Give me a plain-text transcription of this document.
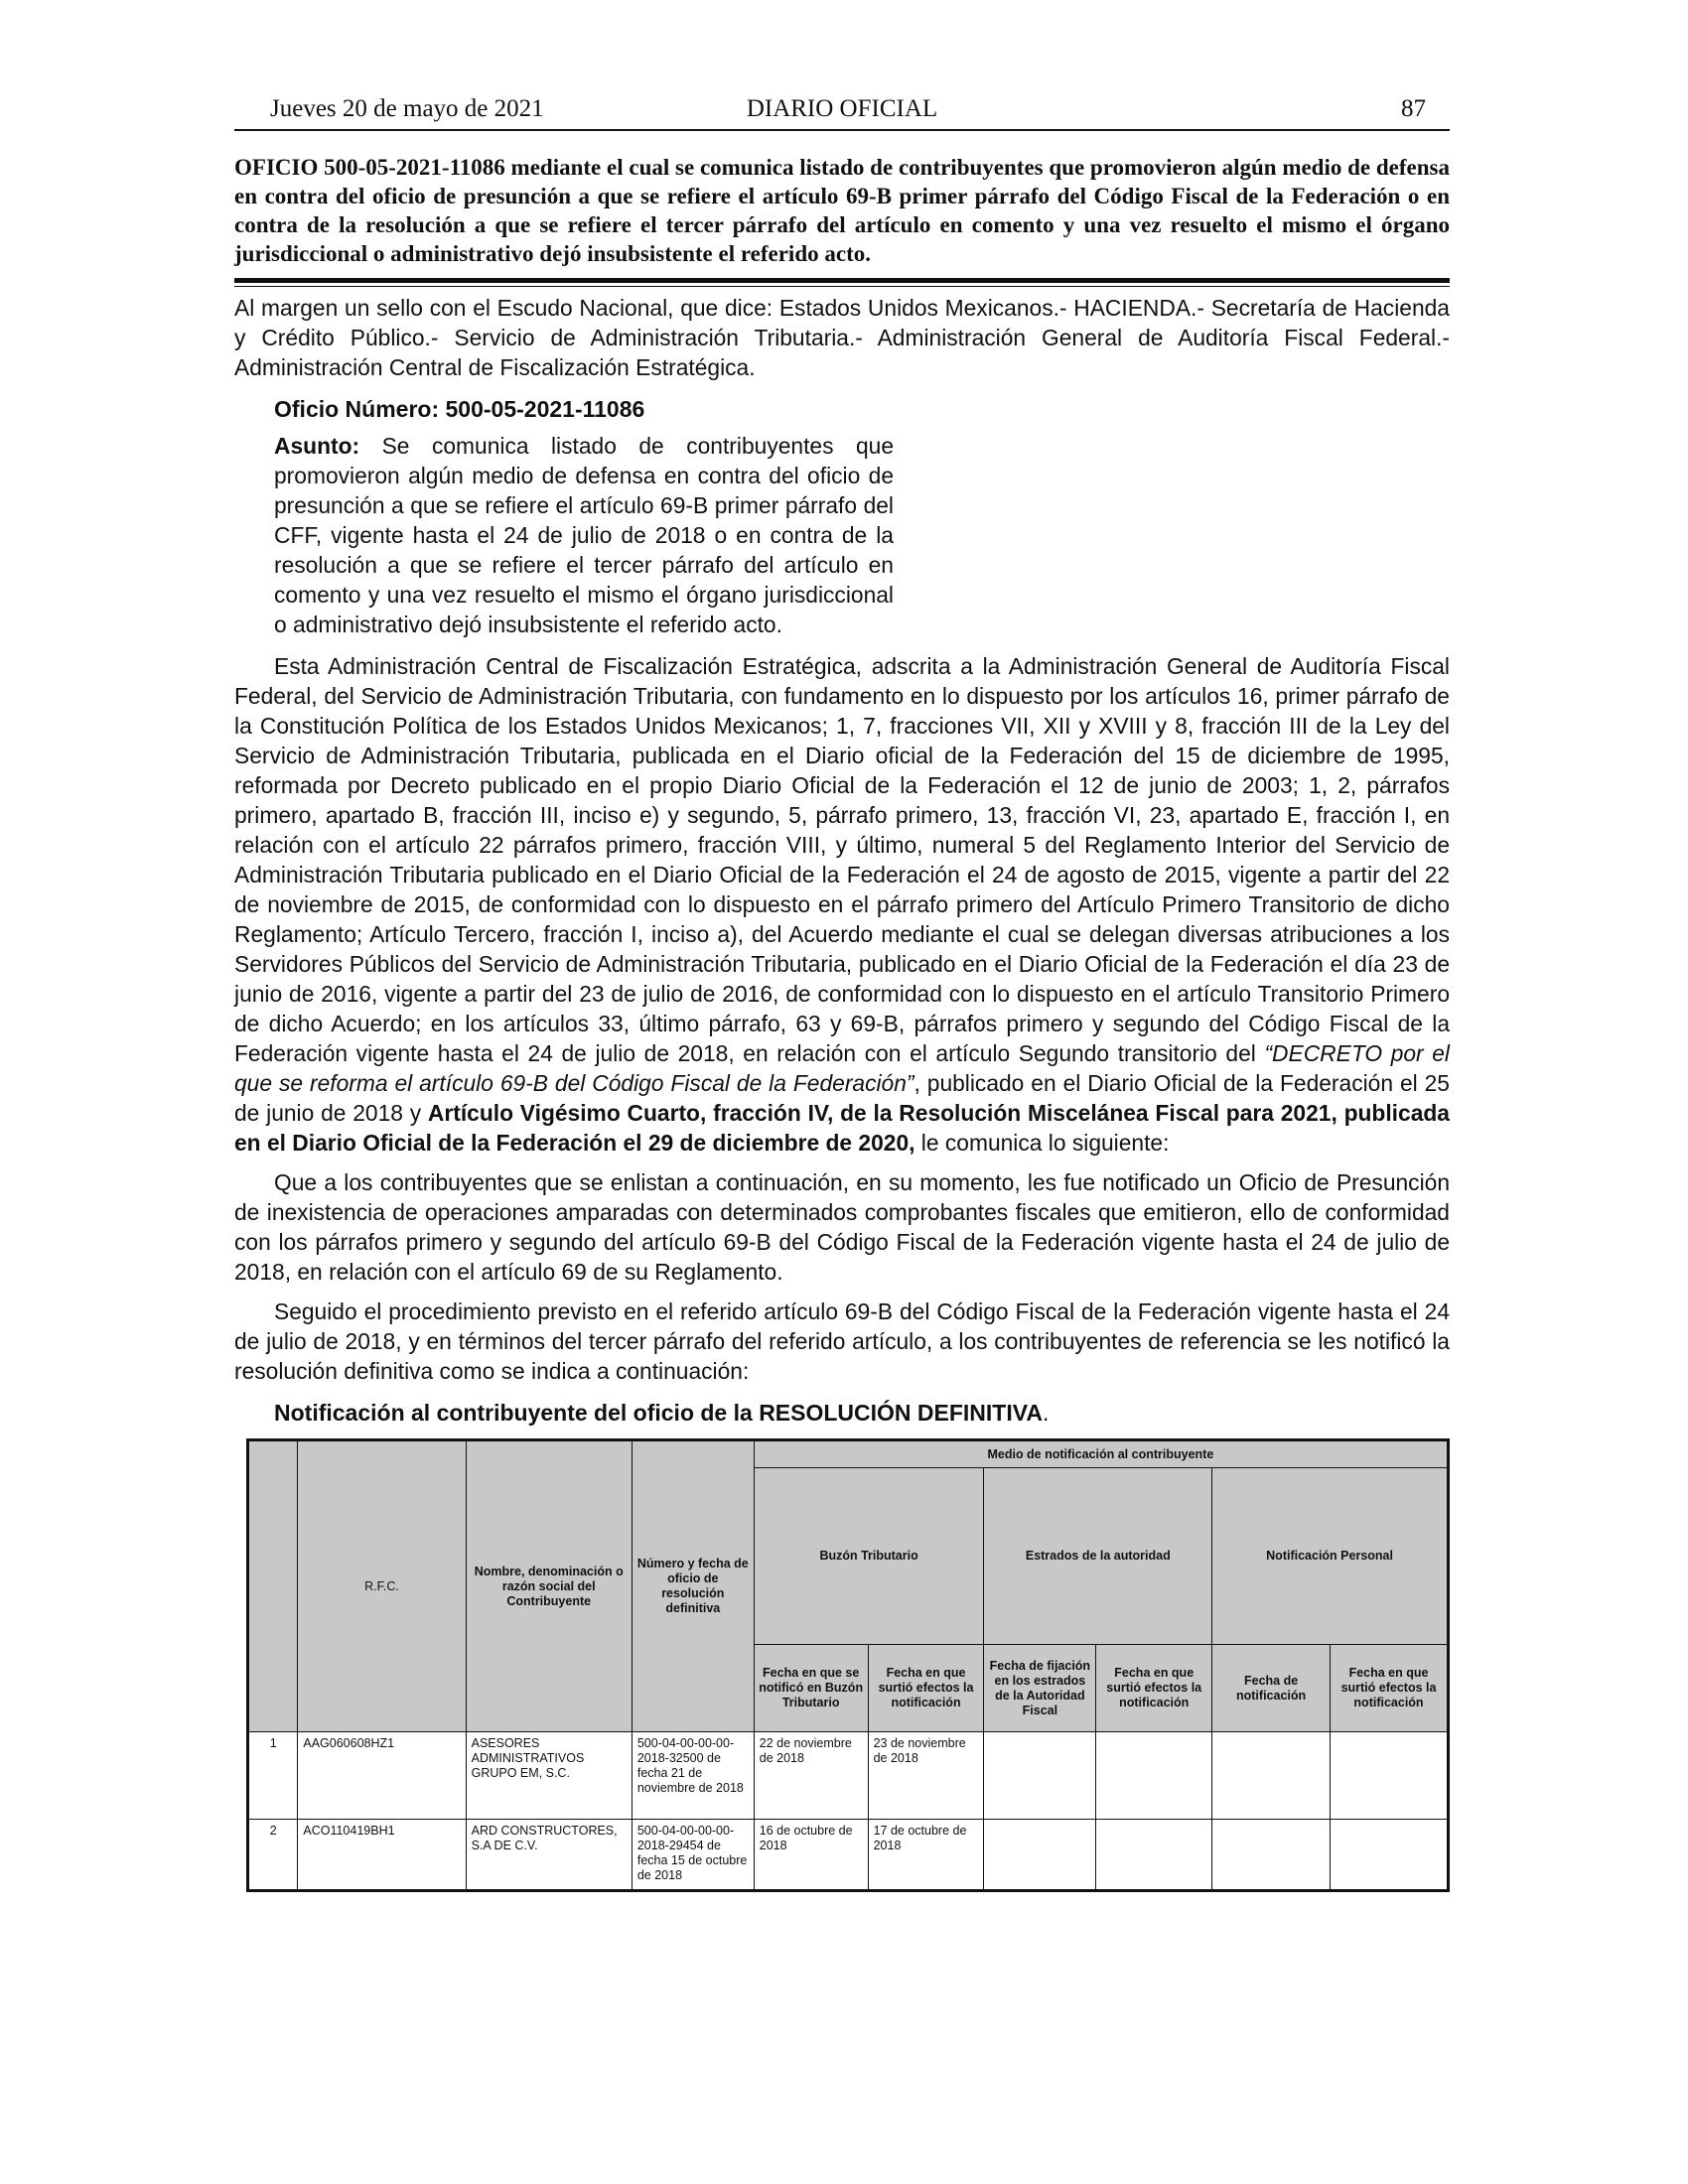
Jueves 20 de mayo de 2021	DIARIO OFICIAL	87
OFICIO 500-05-2021-11086 mediante el cual se comunica listado de contribuyentes que promovieron algún medio de defensa en contra del oficio de presunción a que se refiere el artículo 69-B primer párrafo del Código Fiscal de la Federación o en contra de la resolución a que se refiere el tercer párrafo del artículo en comento y una vez resuelto el mismo el órgano jurisdiccional o administrativo dejó insubsistente el referido acto.

Al margen un sello con el Escudo Nacional, que dice: Estados Unidos Mexicanos.- HACIENDA.- Secretaría de Hacienda y Crédito Público.- Servicio de Administración Tributaria.- Administración General de Auditoría Fiscal Federal.- Administración Central de Fiscalización Estratégica.

Oficio Número: 500-05-2021-11086
Asunto: Se comunica listado de contribuyentes que promovieron algún medio de defensa en contra del oficio de presunción a que se refiere el artículo 69-B primer párrafo del CFF, vigente hasta el 24 de julio de 2018 o en contra de la resolución a que se refiere el tercer párrafo del artículo en comento y una vez resuelto el mismo el órgano jurisdiccional o administrativo dejó insubsistente el referido acto.

Esta Administración Central de Fiscalización Estratégica, adscrita a la Administración General de Auditoría Fiscal Federal, del Servicio de Administración Tributaria, con fundamento en lo dispuesto por los artículos 16, primer párrafo de la Constitución Política de los Estados Unidos Mexicanos; 1, 7, fracciones VII, XII y XVIII y 8, fracción III de la Ley del Servicio de Administración Tributaria, publicada en el Diario oficial de la Federación del 15 de diciembre de 1995, reformada por Decreto publicado en el propio Diario Oficial de la Federación el 12 de junio de 2003; 1, 2, párrafos primero, apartado B, fracción III, inciso e) y segundo, 5, párrafo primero, 13, fracción VI, 23, apartado E, fracción I, en relación con el artículo 22 párrafos primero, fracción VIII, y último, numeral 5 del Reglamento Interior del Servicio de Administración Tributaria publicado en el Diario Oficial de la Federación el 24 de agosto de 2015, vigente a partir del 22 de noviembre de 2015, de conformidad con lo dispuesto en el párrafo primero del Artículo Primero Transitorio de dicho Reglamento; Artículo Tercero, fracción I, inciso a), del Acuerdo mediante el cual se delegan diversas atribuciones a los Servidores Públicos del Servicio de Administración Tributaria, publicado en el Diario Oficial de la Federación el día 23 de junio de 2016, vigente a partir del 23 de julio de 2016, de conformidad con lo dispuesto en el artículo Transitorio Primero de dicho Acuerdo; en los artículos 33, último párrafo, 63 y 69-B, párrafos primero y segundo del Código Fiscal de la Federación vigente hasta el 24 de julio de 2018, en relación con el artículo Segundo transitorio del “DECRETO por el que se reforma el artículo 69-B del Código Fiscal de la Federación”, publicado en el Diario Oficial de la Federación el 25 de junio de 2018 y Artículo Vigésimo Cuarto, fracción IV, de la Resolución Miscelánea Fiscal para 2021, publicada en el Diario Oficial de la Federación el 29 de diciembre de 2020, le comunica lo siguiente:

Que a los contribuyentes que se enlistan a continuación, en su momento, les fue notificado un Oficio de Presunción de inexistencia de operaciones amparadas con determinados comprobantes fiscales que emitieron, ello de conformidad con los párrafos primero y segundo del artículo 69-B del Código Fiscal de la Federación vigente hasta el 24 de julio de 2018, en relación con el artículo 69 de su Reglamento.

Seguido el procedimiento previsto en el referido artículo 69-B del Código Fiscal de la Federación vigente hasta el 24 de julio de 2018, y en términos del tercer párrafo del referido artículo, a los contribuyentes de referencia se les notificó la resolución definitiva como se indica a continuación:

Notificación al contribuyente del oficio de la RESOLUCIÓN DEFINITIVA.
	R.F.C.	Nombre, denominación o razón social del Contribuyente	Número y fecha de oficio de resolución definitiva	Medio de notificación al contribuyente					
				Buzón Tributario		Estrados de la autoridad		Notificación Personal	
				Fecha en que se notificó en Buzón Tributario	Fecha en que surtió efectos la notificación	Fecha de fijación en los estrados de la Autoridad Fiscal	Fecha en que surtió efectos la notificación	Fecha de notificación	Fecha en que surtió efectos la notificación
1	AAG060608HZ1	ASESORES ADMINISTRATIVOS GRUPO EM, S.C.	500-04-00-00-00-2018-32500 de fecha 21 de noviembre de 2018	22 de noviembre de 2018	23 de noviembre de 2018				
2	ACO110419BH1	ARD CONSTRUCTORES, S.A DE C.V.	500-04-00-00-00-2018-29454 de fecha 15 de octubre de 2018	16 de octubre de 2018	17 de octubre de 2018				
